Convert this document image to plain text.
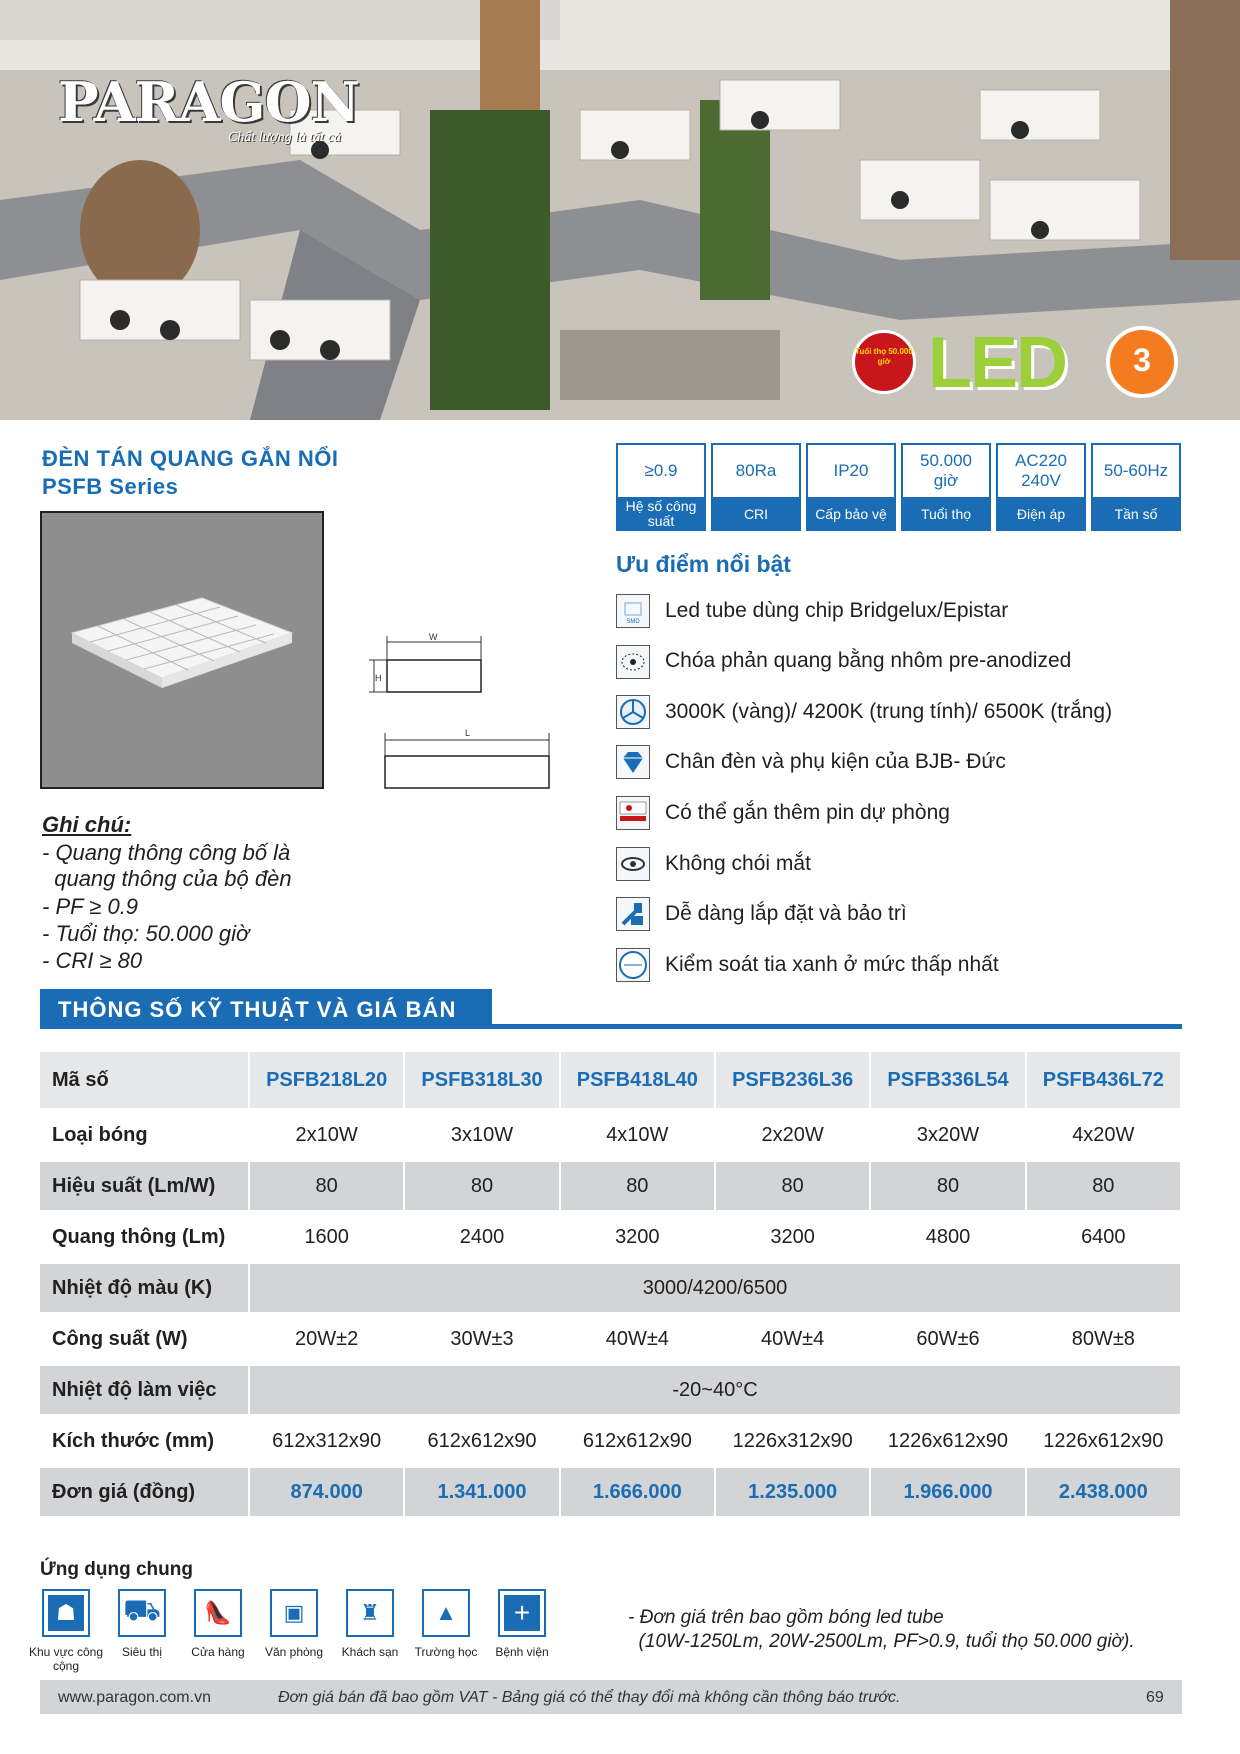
PARAGON
Chất lượng là tất cả
Tuổi thọ 50.000 giờ LED	3
ĐÈN TÁN QUANG GẮN NỔI
PSFB Series
W
H
L
Ghi chú:
- Quang thông công bố là
quang thông của bộ đèn
- PF ≥ 0.9
- Tuổi thọ: 50.000 giờ
- CRI ≥ 80
≥0.9
Hệ số công suất
80Ra
CRI
IP20
Cấp bảo vệ
50.000 giờ
Tuổi thọ
AC220 240V
Điện áp
50-60Hz
Tần số
Ưu điểm nổi bật
SMD Led tube dùng chip Bridgelux/Epistar
Chóa phản quang bằng nhôm pre-anodized
3000K (vàng)/ 4200K (trung tính)/ 6500K (trắng)
Chân đèn và phụ kiện của BJB- Đức
Có thể gắn thêm pin dự phòng
Không chói mắt
Dễ dàng lắp đặt và bảo trì
Kiểm soát tia xanh ở mức thấp nhất
THÔNG SỐ KỸ THUẬT VÀ GIÁ BÁN
Mã số	PSFB218L20	PSFB318L30	PSFB418L40	PSFB236L36	PSFB336L54	PSFB436L72
Loại bóng	2x10W	3x10W	4x10W	2x20W	3x20W	4x20W
Hiệu suất (Lm/W)	80	80	80	80	80	80
Quang thông (Lm)	1600	2400	3200	3200	4800	6400
Nhiệt độ màu (K)	3000/4200/6500					
Công suất (W)	20W±2	30W±3	40W±4	40W±4	60W±6	80W±8
Nhiệt độ làm việc	-20~40°C					
Kích thước (mm)	612x312x90	612x612x90	612x612x90	1226x312x90	1226x612x90	1226x612x90
Đơn giá (đồng)	874.000	1.341.000	1.666.000	1.235.000	1.966.000	2.438.000
Ứng dụng chung
☗
Khu vực công cộng
⛟
Siêu thị
👠
Cửa hàng
▣
Văn phòng
♜
Khách sạn
▲
Trường học
+
Bệnh viện
- Đơn giá trên bao gồm bóng led tube
(10W-1250Lm, 20W-2500Lm, PF>0.9, tuổi thọ 50.000 giờ).
www.paragon.com.vn	Đơn giá bán đã bao gồm VAT - Bảng giá có thể thay đổi mà không cần thông báo trước.	69
